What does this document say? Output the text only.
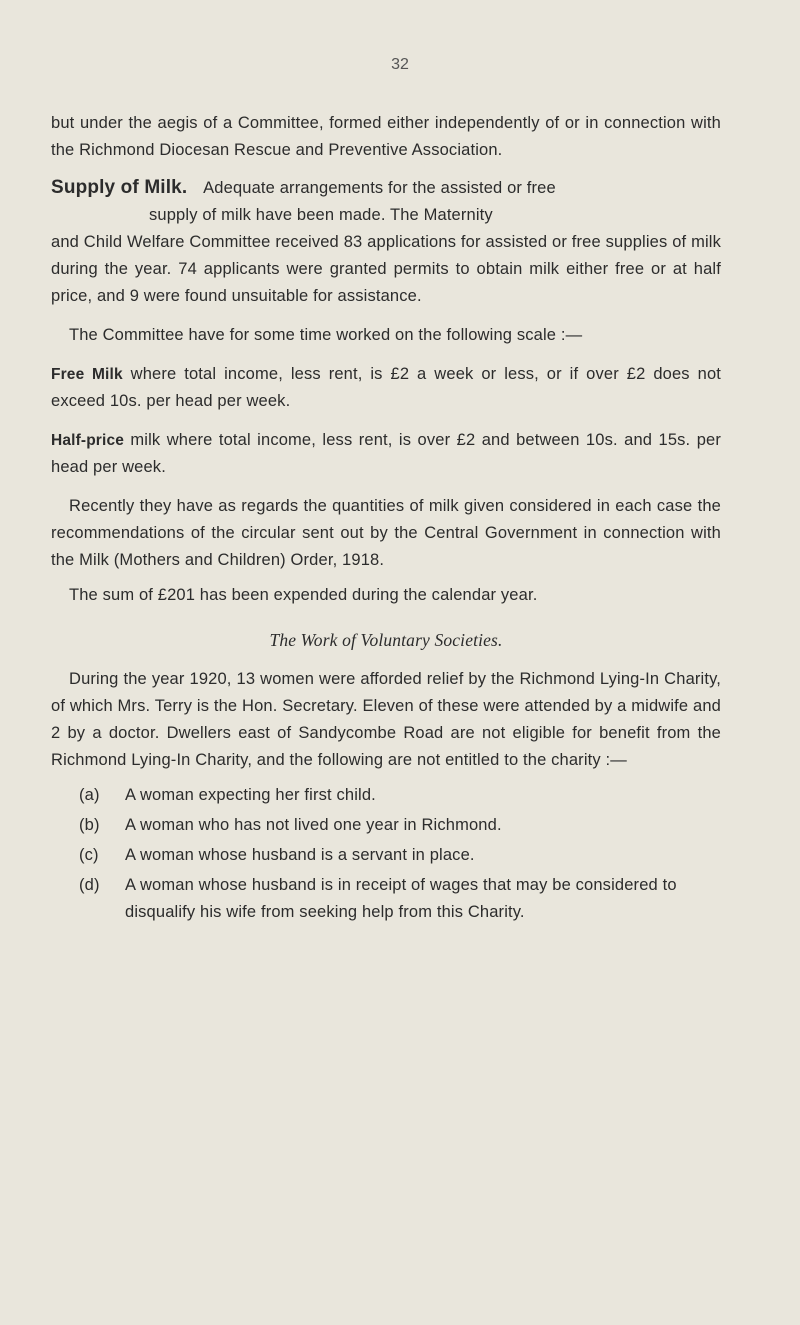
32

but under the aegis of a Committee, formed either independently of or in connection with the Richmond Diocesan Rescue and Preventive Association.

Supply of Milk. Adequate arrangements for the assisted or free

supply of milk have been made. The Maternity

and Child Welfare Committee received 83 applications for assisted or free supplies of milk during the year. 74 applicants were granted permits to obtain milk either free or at half price, and 9 were found unsuitable for assistance.

The Committee have for some time worked on the following scale :—

Free Milk where total income, less rent, is £2 a week or less, or if over £2 does not exceed 10s. per head per week.

Half-price milk where total income, less rent, is over £2 and between 10s. and 15s. per head per week.

Recently they have as regards the quantities of milk given considered in each case the recommendations of the circular sent out by the Central Government in connection with the Milk (Mothers and Children) Order, 1918.

The sum of £201 has been expended during the calendar year.

The Work of Voluntary Societies.

During the year 1920, 13 women were afforded relief by the Richmond Lying-In Charity, of which Mrs. Terry is the Hon. Secretary. Eleven of these were attended by a midwife and 2 by a doctor. Dwellers east of Sandycombe Road are not eligible for benefit from the Richmond Lying-In Charity, and the following are not entitled to the charity :—

(a)	A woman expecting her first child.
(b)	A woman who has not lived one year in Richmond.
(c)	A woman whose husband is a servant in place.
(d)	A woman whose husband is in receipt of wages that may be considered to disqualify his wife from seeking help from this Charity.
